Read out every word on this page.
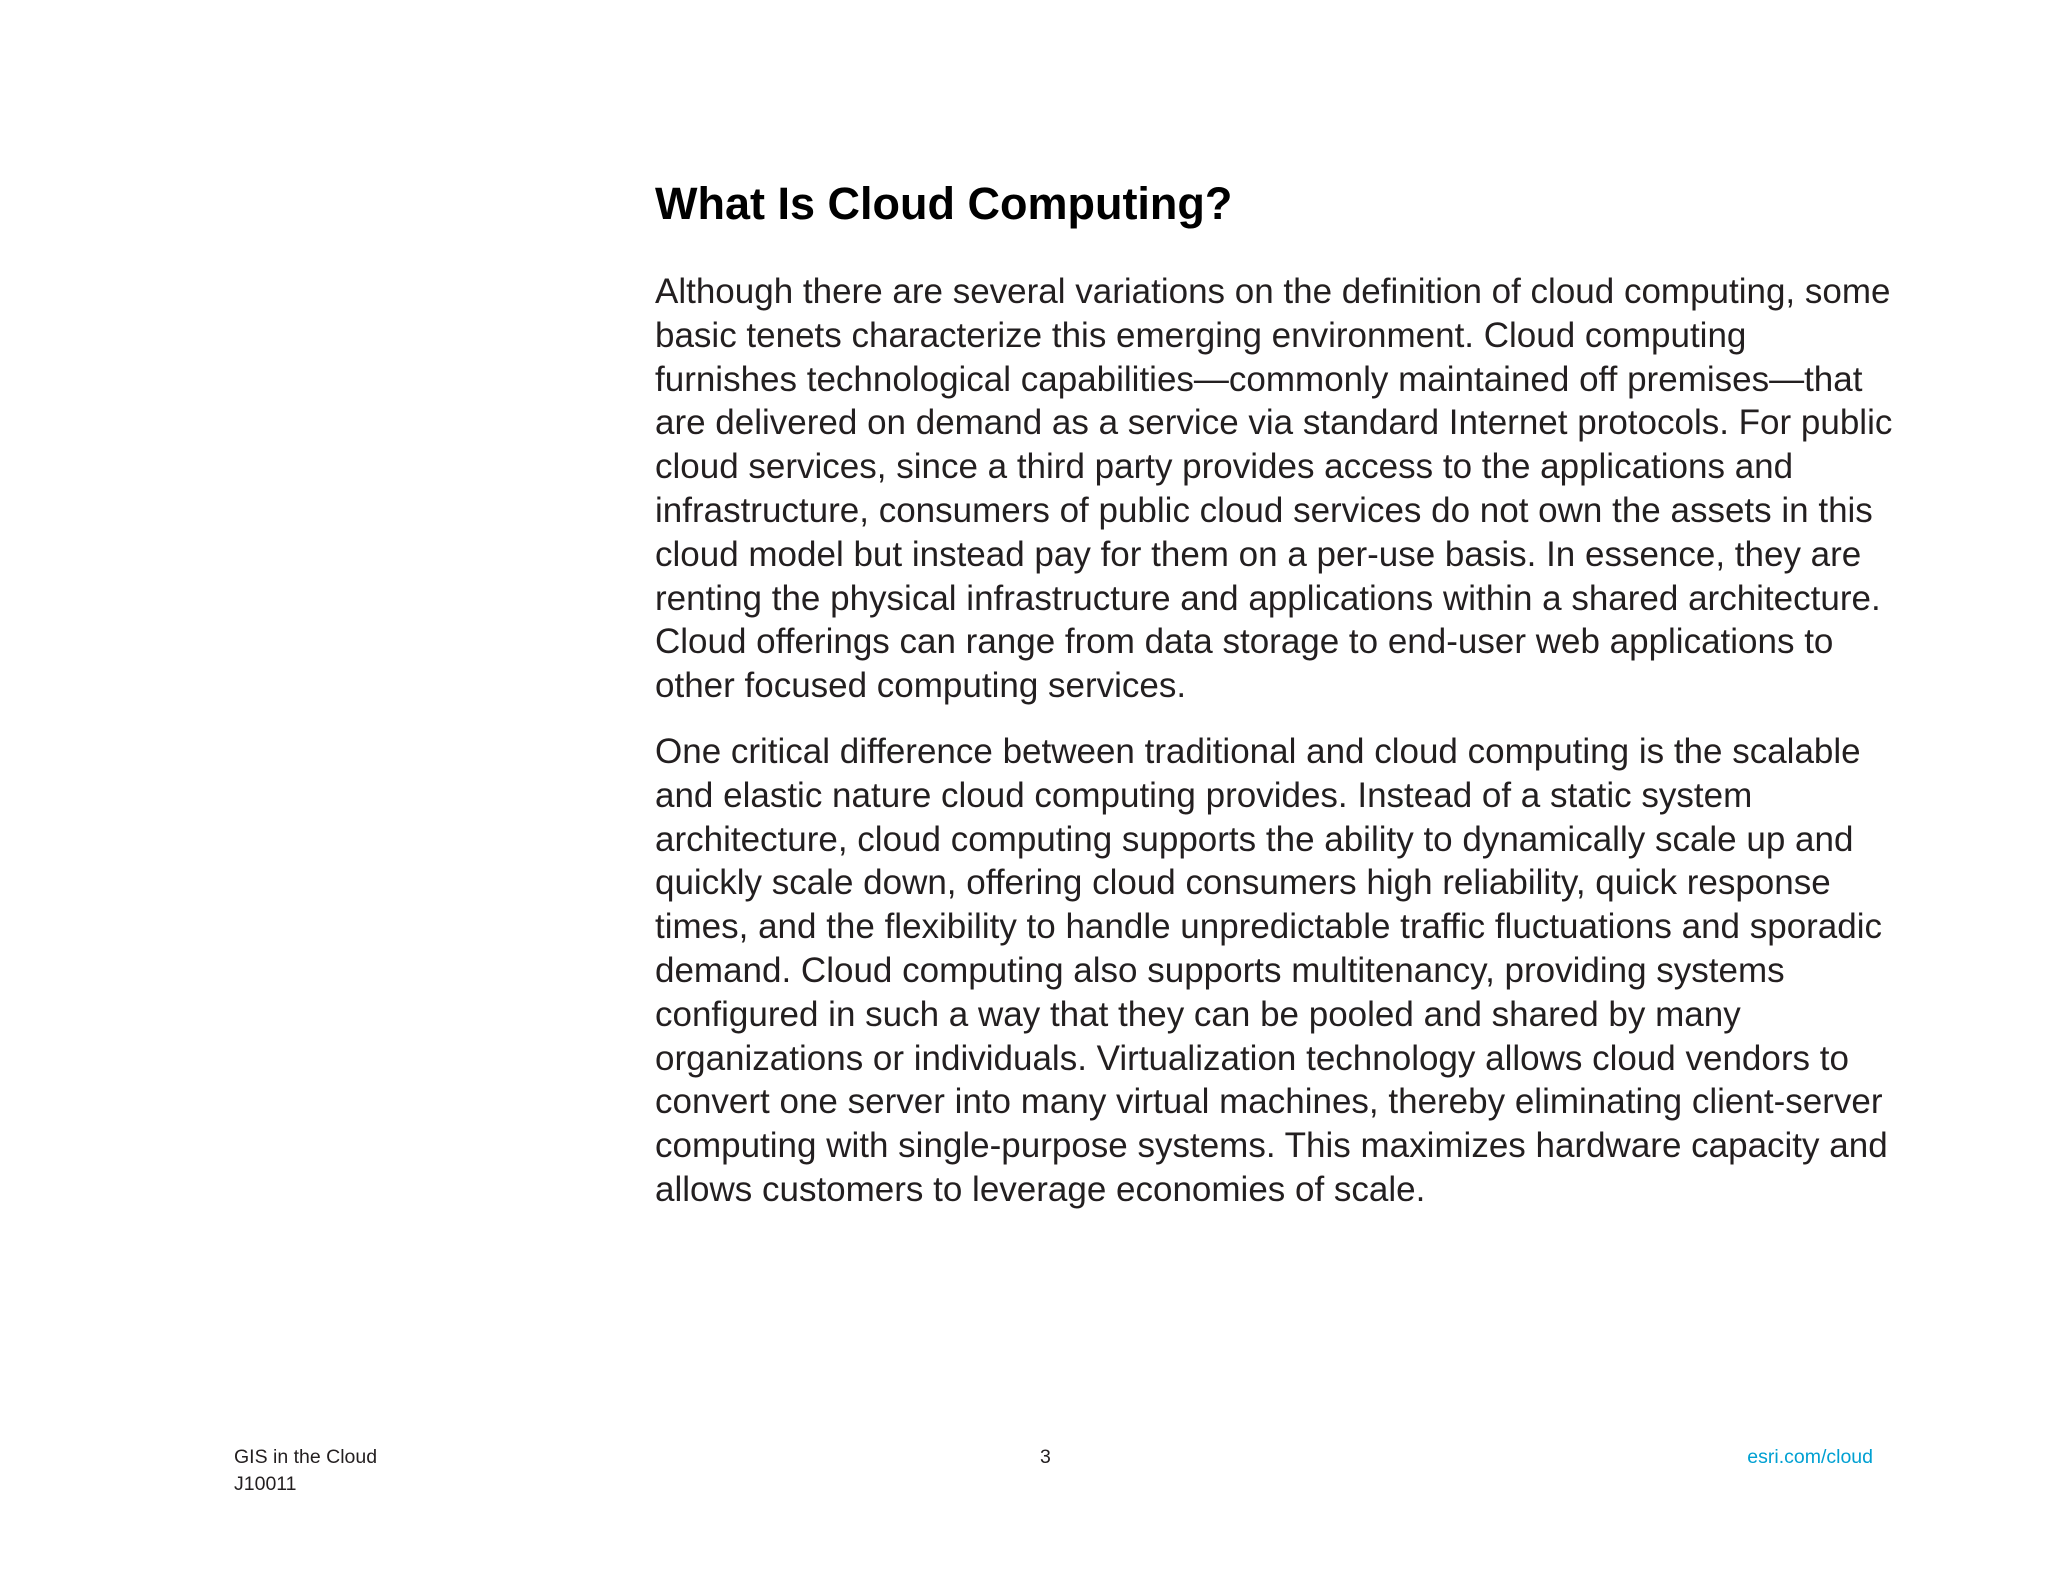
What Is Cloud Computing?

Although there are several variations on the definition of cloud computing, some basic tenets characterize this emerging environment. Cloud computing furnishes technological capabilities—commonly maintained off premises—that are delivered on demand as a service via standard Internet protocols. For public cloud services, since a third party provides access to the applications and infrastructure, consumers of public cloud services do not own the assets in this cloud model but instead pay for them on a per-use basis. In essence, they are renting the physical infrastructure and applications within a shared architecture. Cloud offerings can range from data storage to end-user web applications to other focused computing services.

One critical difference between traditional and cloud computing is the scalable and elastic nature cloud computing provides. Instead of a static system architecture, cloud computing supports the ability to dynamically scale up and quickly scale down, offering cloud consumers high reliability, quick response times, and the flexibility to handle unpredictable traffic fluctuations and sporadic demand. Cloud computing also supports multitenancy, providing systems configured in such a way that they can be pooled and shared by many organizations or individuals. Virtualization technology allows cloud vendors to convert one server into many virtual machines, thereby eliminating client-server computing with single-purpose systems. This maximizes hardware capacity and allows customers to leverage economies of scale.

GIS in the Cloud
J10011
3	esri.com/cloud
